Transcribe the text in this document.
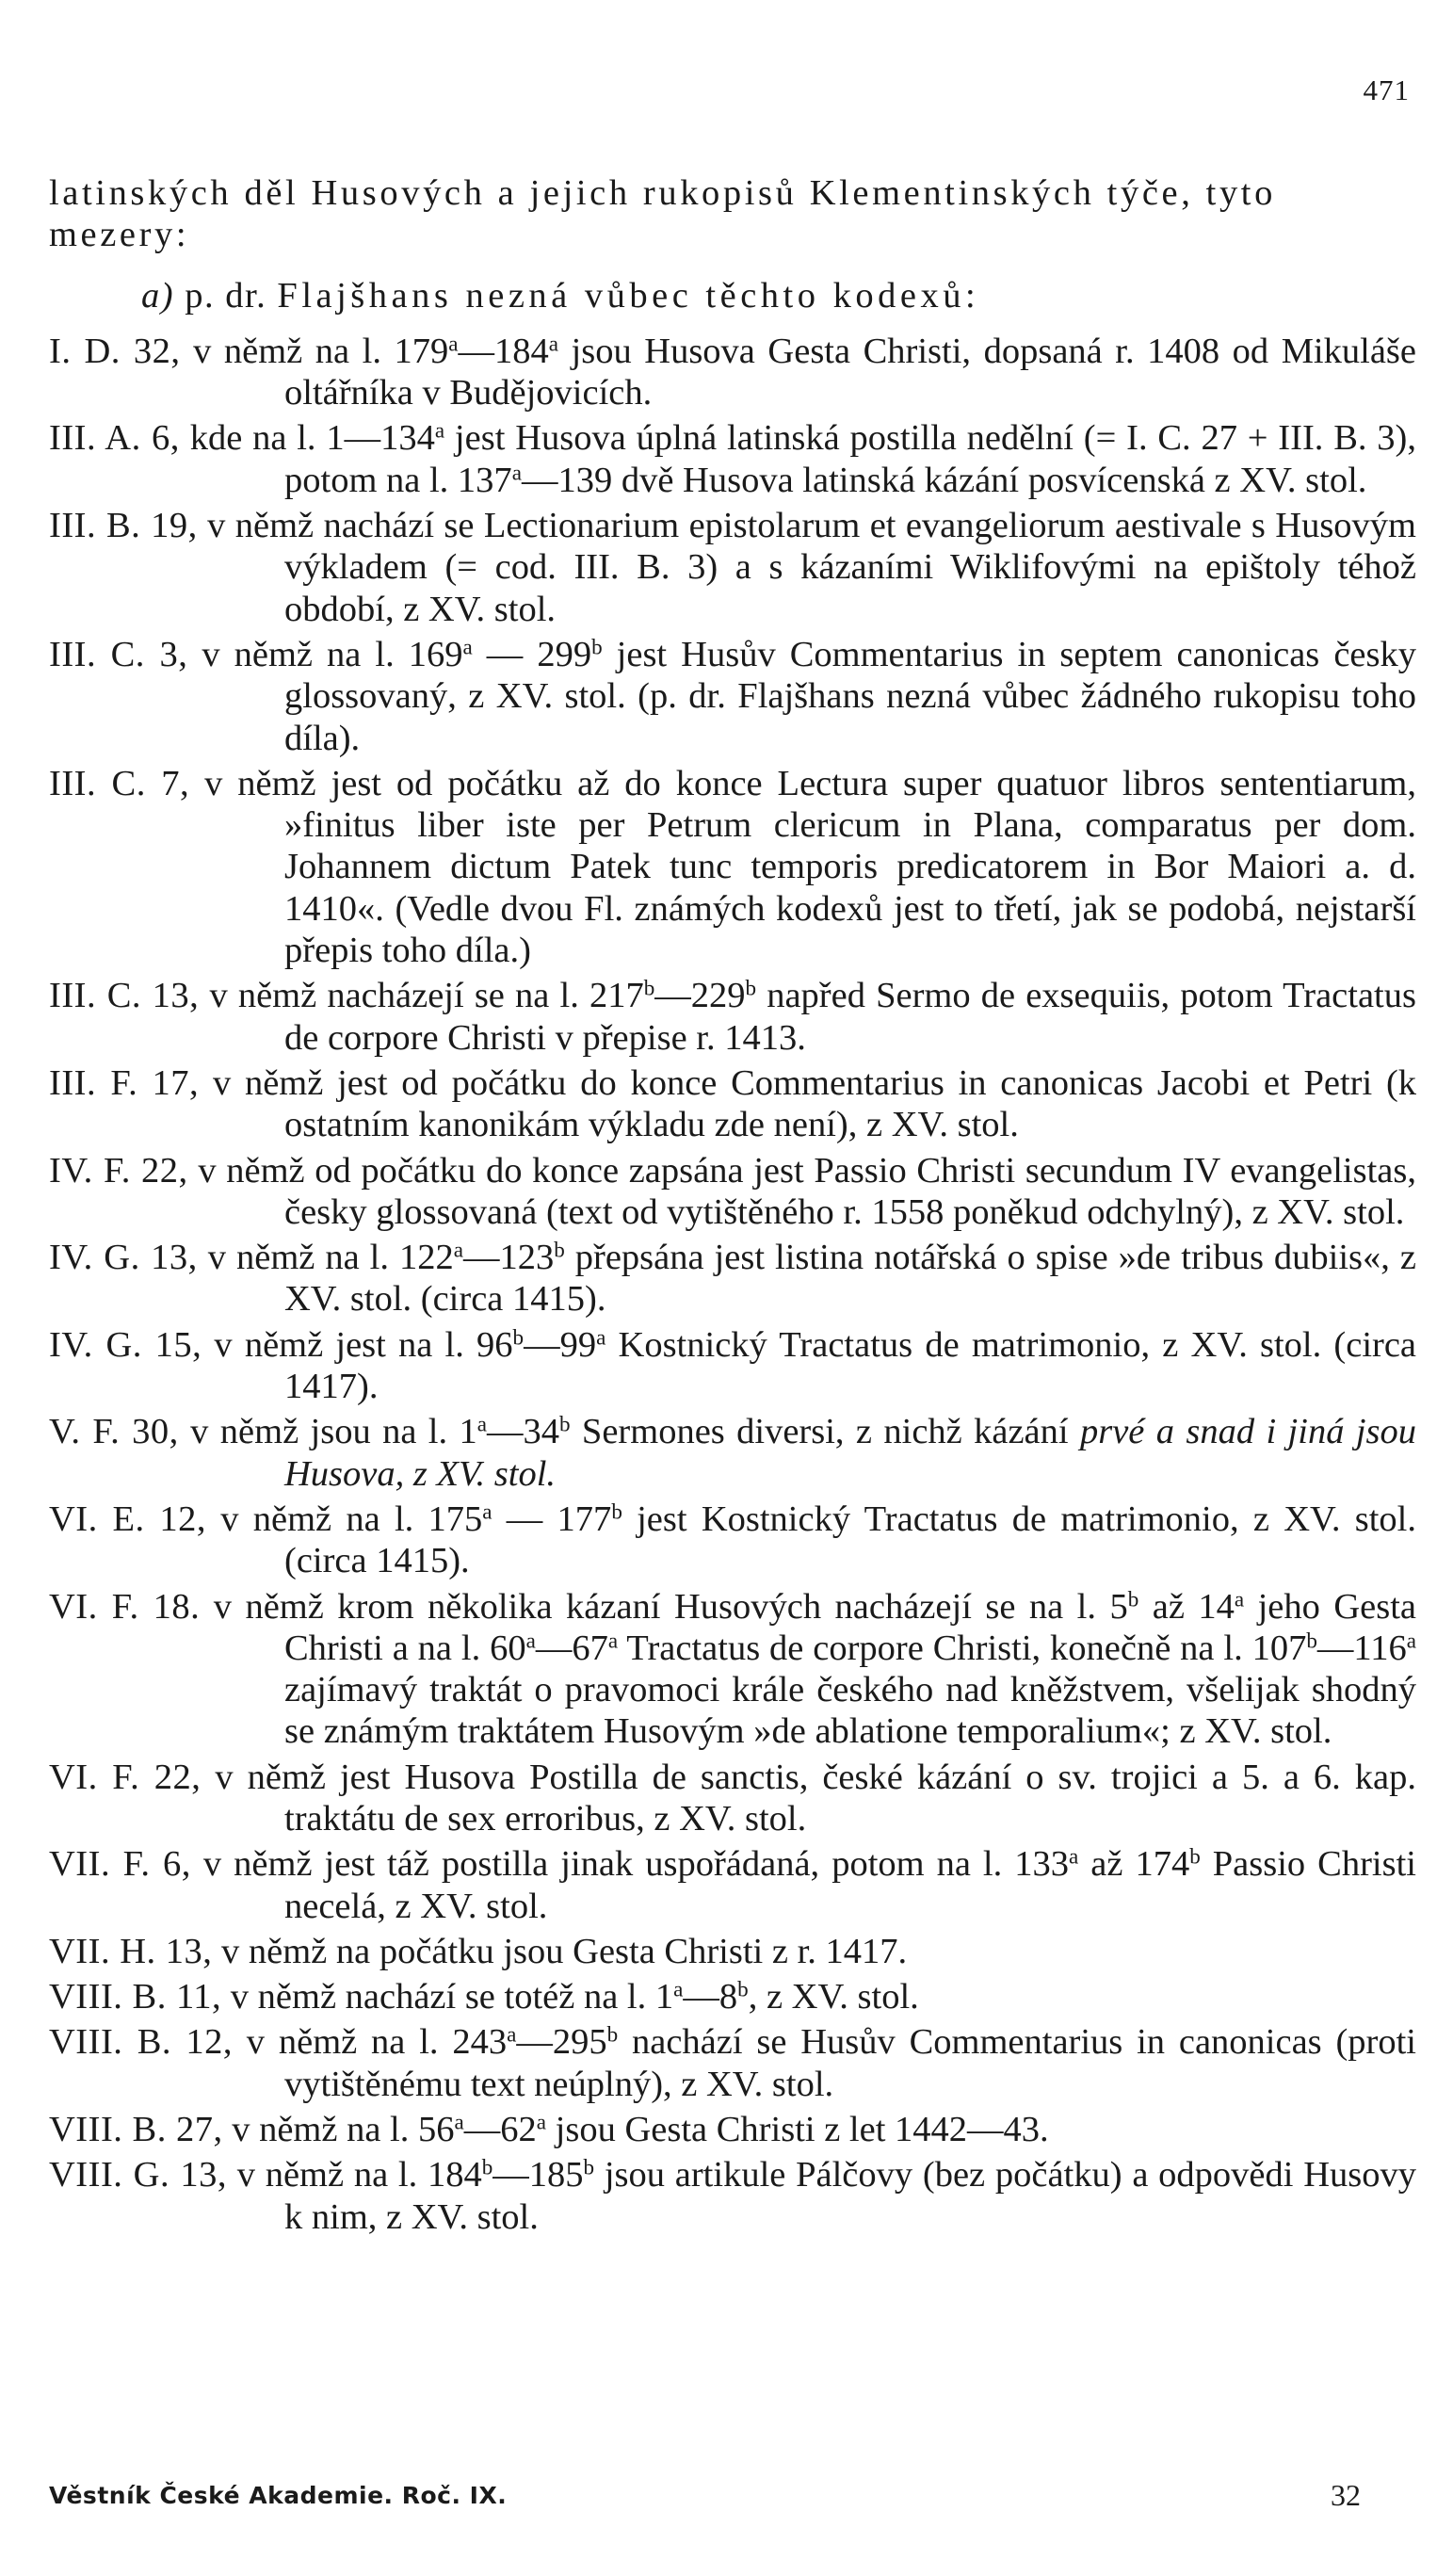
471

latinských děl Husových a jejich rukopisů Klementinských týče, tyto mezery:

a) p. dr. Flajšhans nezná vůbec těchto kodexů:

I. D. 32, v němž na l. 179$^a$—184$^a$ jsou Husova Gesta Christi, dopsaná r. 1408 od Mikuláše oltářníka v Budějovicích.

III. A. 6, kde na l. 1—134$^a$ jest Husova úplná latinská postilla nedělní (= I. C. 27 + III. B. 3), potom na l. 137$^a$—139 dvě Husova latinská kázání posvícenská z XV. stol.

III. B. 19, v němž nachází se Lectionarium epistolarum et evangeliorum aestivale s Husovým výkladem (= cod. III. B. 3) a s kázaními Wiklifovými na epištoly téhož období, z XV. stol.

III. C. 3, v němž na l. 169$^a$ — 299$^b$ jest Husův Commentarius in septem canonicas česky glossovaný, z XV. stol. (p. dr. Flajšhans nezná vůbec žádného rukopisu toho díla).

III. C. 7, v němž jest od počátku až do konce Lectura super quatuor libros sententiarum, »finitus liber iste per Petrum clericum in Plana, comparatus per dom. Johannem dictum Patek tunc temporis predicatorem in Bor Maiori a. d. 1410«. (Vedle dvou Fl. známých kodexů jest to třetí, jak se podobá, nejstarší přepis toho díla.)

III. C. 13, v němž nacházejí se na l. 217$^b$—229$^b$ napřed Sermo de exsequiis, potom Tractatus de corpore Christi v přepise r. 1413.

III. F. 17, v němž jest od počátku do konce Commentarius in canonicas Jacobi et Petri (k ostatním kanonikám výkladu zde není), z XV. stol.

IV. F. 22, v němž od počátku do konce zapsána jest Passio Christi secundum IV evangelistas, česky glossovaná (text od vytištěného r. 1558 poněkud odchylný), z XV. stol.

IV. G. 13, v němž na l. 122$^a$—123$^b$ přepsána jest listina notářská o spise »de tribus dubiis«, z XV. stol. (circa 1415).

IV. G. 15, v němž jest na l. 96$^b$—99$^a$ Kostnický Tractatus de matrimonio, z XV. stol. (circa 1417).

V. F. 30, v němž jsou na l. 1$^a$—34$^b$ Sermones diversi, z nichž kázání prvé a snad i jiná jsou Husova, z XV. stol.

VI. E. 12, v němž na l. 175$^a$ — 177$^b$ jest Kostnický Tractatus de matrimonio, z XV. stol. (circa 1415).

VI. F. 18. v němž krom několika kázaní Husových nacházejí se na l. 5$^b$ až 14$^a$ jeho Gesta Christi a na l. 60$^a$—67$^a$ Tractatus de corpore Christi, konečně na l. 107$^b$—116$^a$ zajímavý traktát o pravomoci krále českého nad kněžstvem, všelijak shodný se známým traktátem Husovým »de ablatione temporalium«; z XV. stol.

VI. F. 22, v němž jest Husova Postilla de sanctis, české kázání o sv. trojici a 5. a 6. kap. traktátu de sex erroribus, z XV. stol.

VII. F. 6, v němž jest táž postilla jinak uspořádaná, potom na l. 133$^a$ až 174$^b$ Passio Christi necelá, z XV. stol.

VII. H. 13, v němž na počátku jsou Gesta Christi z r. 1417.

VIII. B. 11, v němž nachází se totéž na l. 1$^a$—8$^b$, z XV. stol.

VIII. B. 12, v němž na l. 243$^a$—295$^b$ nachází se Husův Commentarius in canonicas (proti vytištěnému text neúplný), z XV. stol.

VIII. B. 27, v němž na l. 56$^a$—62$^a$ jsou Gesta Christi z let 1442—43.

VIII. G. 13, v němž na l. 184$^b$—185$^b$ jsou artikule Pálčovy (bez počátku) a odpovědi Husovy k nim, z XV. stol.

Věstník České Akademie. Roč. IX.	32
